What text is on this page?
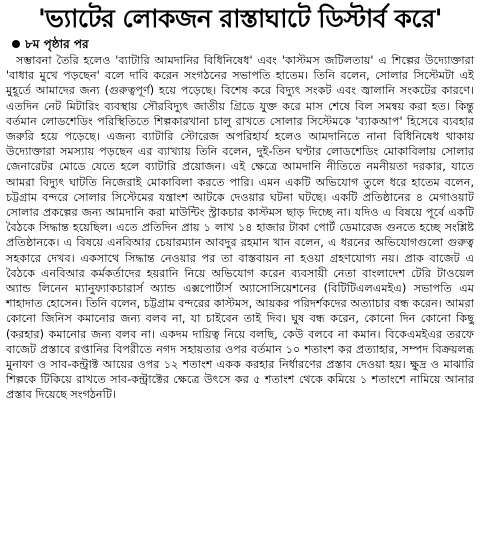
'ভ্যাটের লোকজন রাস্তাঘাটে ডিস্টার্ব করে'
৮ম পৃষ্ঠার পর

সম্ভাবনা তৈরি হলেও 'ব্যাটারি আমদানির বিধিনিষেধ' এবং 'কাস্টমস জটিলতায়' এ শিল্পের উদ্যোক্তারা 'বাধার মুখে পড়ছেন' বলে দাবি করেন সংগঠনের সভাপতি হাতেম। তিনি বলেন, সোলার সিস্টেমটা এই মুহূর্তে আমাদের জন্য (গুরুত্বপূর্ণ) হয়ে পড়েছে। বিশেষ করে বিদ্যুৎ সংকট এবং জ্বালানি সংকটের কারণে। এতদিন নেট মিটারিং ব্যবস্থায় সৌরবিদ্যুৎ জাতীয় গ্রিডে যুক্ত করে মাস শেষে বিল সমন্বয় করা হত। কিন্তু বর্তমান লোডশেডিং পরিস্থিতিতে শিল্পকারখানা চালু রাখতে সোলার সিস্টেমকে 'ব্যাকআপ' হিসেবে ব্যবহার জরুরি হয়ে পড়েছে। এজন্য ব্যাটারি স্টোরেজ অপরিহার্য হলেও আমদানিতে নানা বিধিনিষেধ থাকায় উদ্যোক্তারা সমস্যায় পড়ছেন এর ব্যাখ্যায় তিনি বলেন, দুই-তিন ঘণ্টার লোডশেডিং মোকাবিলায় সোলার জেনারেটর মোডে যেতে হলে ব্যাটারি প্রয়োজন। এই ক্ষেত্রে আমদানি নীতিতে নমনীয়তা দরকার, যাতে আমরা বিদ্যুৎ ঘাটতি নিজেরাই মোকাবিলা করতে পারি। এমন একটি অভিযোগ তুলে ধরে হাতেম বলেন, চট্টগ্রাম বন্দরে সোলার সিস্টেমের যন্ত্রাংশ আটকে দেওয়ার ঘটনা ঘটছে। একটি প্রতিষ্ঠানের ৪ মেগাওয়াট সোলার প্রকল্পের জন্য আমদানি করা মাউন্টিং স্ট্রাকচার কাস্টমস ছাড় দিচ্ছে না। যদিও এ বিষয়ে পূর্বে একটি বৈঠকে সিদ্ধান্ত হয়েছিল। এতে প্রতিদিন প্রায় ১ লাখ ১৪ হাজার টাকা পোর্ট ডেমারেজ গুনতে হচ্ছে সংশ্লিষ্ট প্রতিষ্ঠানকে। এ বিষয়ে এনবিআর চেয়ারম্যান আবদুর রহমান খান বলেন, এ ধরনের অভিযোগগুলো গুরুত্ব সহকারে দেখব। একসাথে সিদ্ধান্ত নেওয়ার পর তা বাস্তবায়ন না হওয়া গ্রহণযোগ্য নয়। প্রাক বাজেট এ বৈঠকে এনবিআর কর্মকর্তাদের হয়রানি নিয়ে অভিযোগ করেন ব্যবসায়ী নেতা বাংলাদেশ টেরি টাওয়েল অ্যান্ড লিনেন ম্যানুফ্যাকচারার্স অ্যান্ড এক্সপোর্টার্স অ্যাসোসিয়েশনের (বিটিটিএলএমইএ) সভাপতি এম শাহাদাত হোসেন। তিনি বলেন, চট্টগ্রাম বন্দরের কাস্টমস, আয়কর পরিদর্শকদের অত্যাচার বন্ধ করেন। আমরা কোনো জিনিস কমানোর জন্য বলব না, যা চাইবেন তাই দিব। ঘুষ বন্ধ করেন, কোনো দিন কোনো কিছু (করহার) কমানোর জন্য বলব না। একদম দায়িত্ব নিয়ে বলছি, কেউ বলবে না কমান। বিকেএমইএর তরফে বাজেট প্রস্তাবে রপ্তানির বিপরীতে নগদ সহায়তার ওপর বর্তমান ১০ শতাংশ কর প্রত্যাহার, সম্পদ বিক্রয়লব্ধ মুনাফা ও সাব-কন্ট্রাক্ট আয়ের ওপর ১২ শতাংশ একক করহার নির্ধারণের প্রস্তাব দেওয়া হয়। ক্ষুদ্র ও মাঝারি শিল্পকে টিকিয়ে রাখতে সাব-কন্ট্রাক্টের ক্ষেত্রে উৎসে কর ৫ শতাংশ থেকে কমিয়ে ১ শতাংশে নামিয়ে আনার প্রস্তাব দিয়েছে সংগঠনটি।
